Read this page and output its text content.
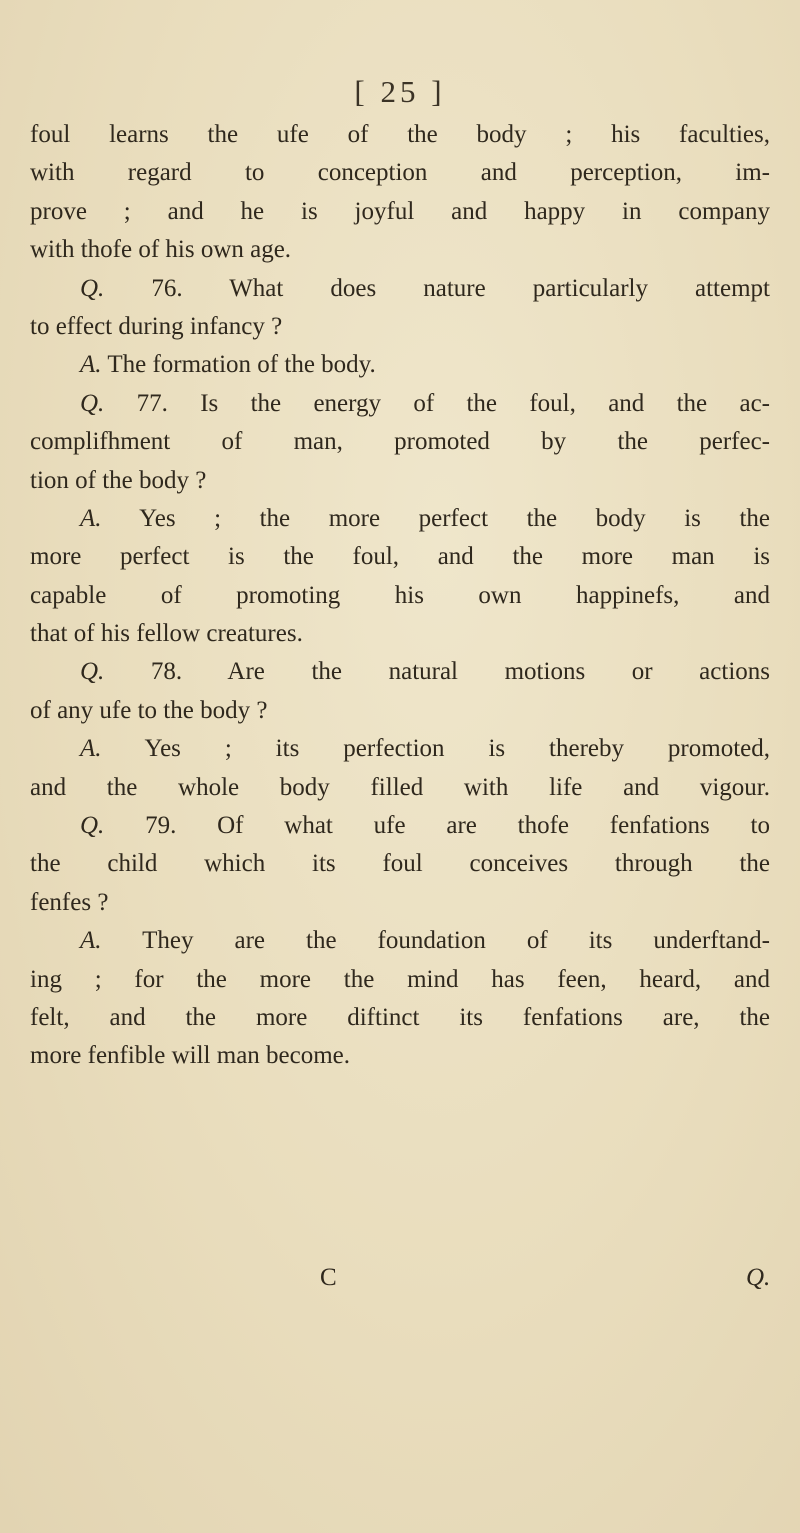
[ 25 ]
foul learns the ufe of the body ; his faculties,
with regard to conception and perception, im-
prove ; and he is joyful and happy in company
with thofe of his own age.
Q. 76. What does nature particularly attempt
to effect during infancy ?
A. The formation of the body.
Q. 77. Is the energy of the foul, and the ac-
complifhment of man, promoted by the perfec-
tion of the body ?
A. Yes ; the more perfect the body is the
more perfect is the foul, and the more man is
capable of promoting his own happinefs, and
that of his fellow creatures.
Q. 78. Are the natural motions or actions
of any ufe to the body ?
A. Yes ; its perfection is thereby promoted,
and the whole body filled with life and vigour.
Q. 79. Of what ufe are thofe fenfations to
the child which its foul conceives through the
fenfes ?
A. They are the foundation of its underftand-
ing ; for the more the mind has feen, heard, and
felt, and the more diftinct its fenfations are, the
more fenfible will man become.
C	Q.
